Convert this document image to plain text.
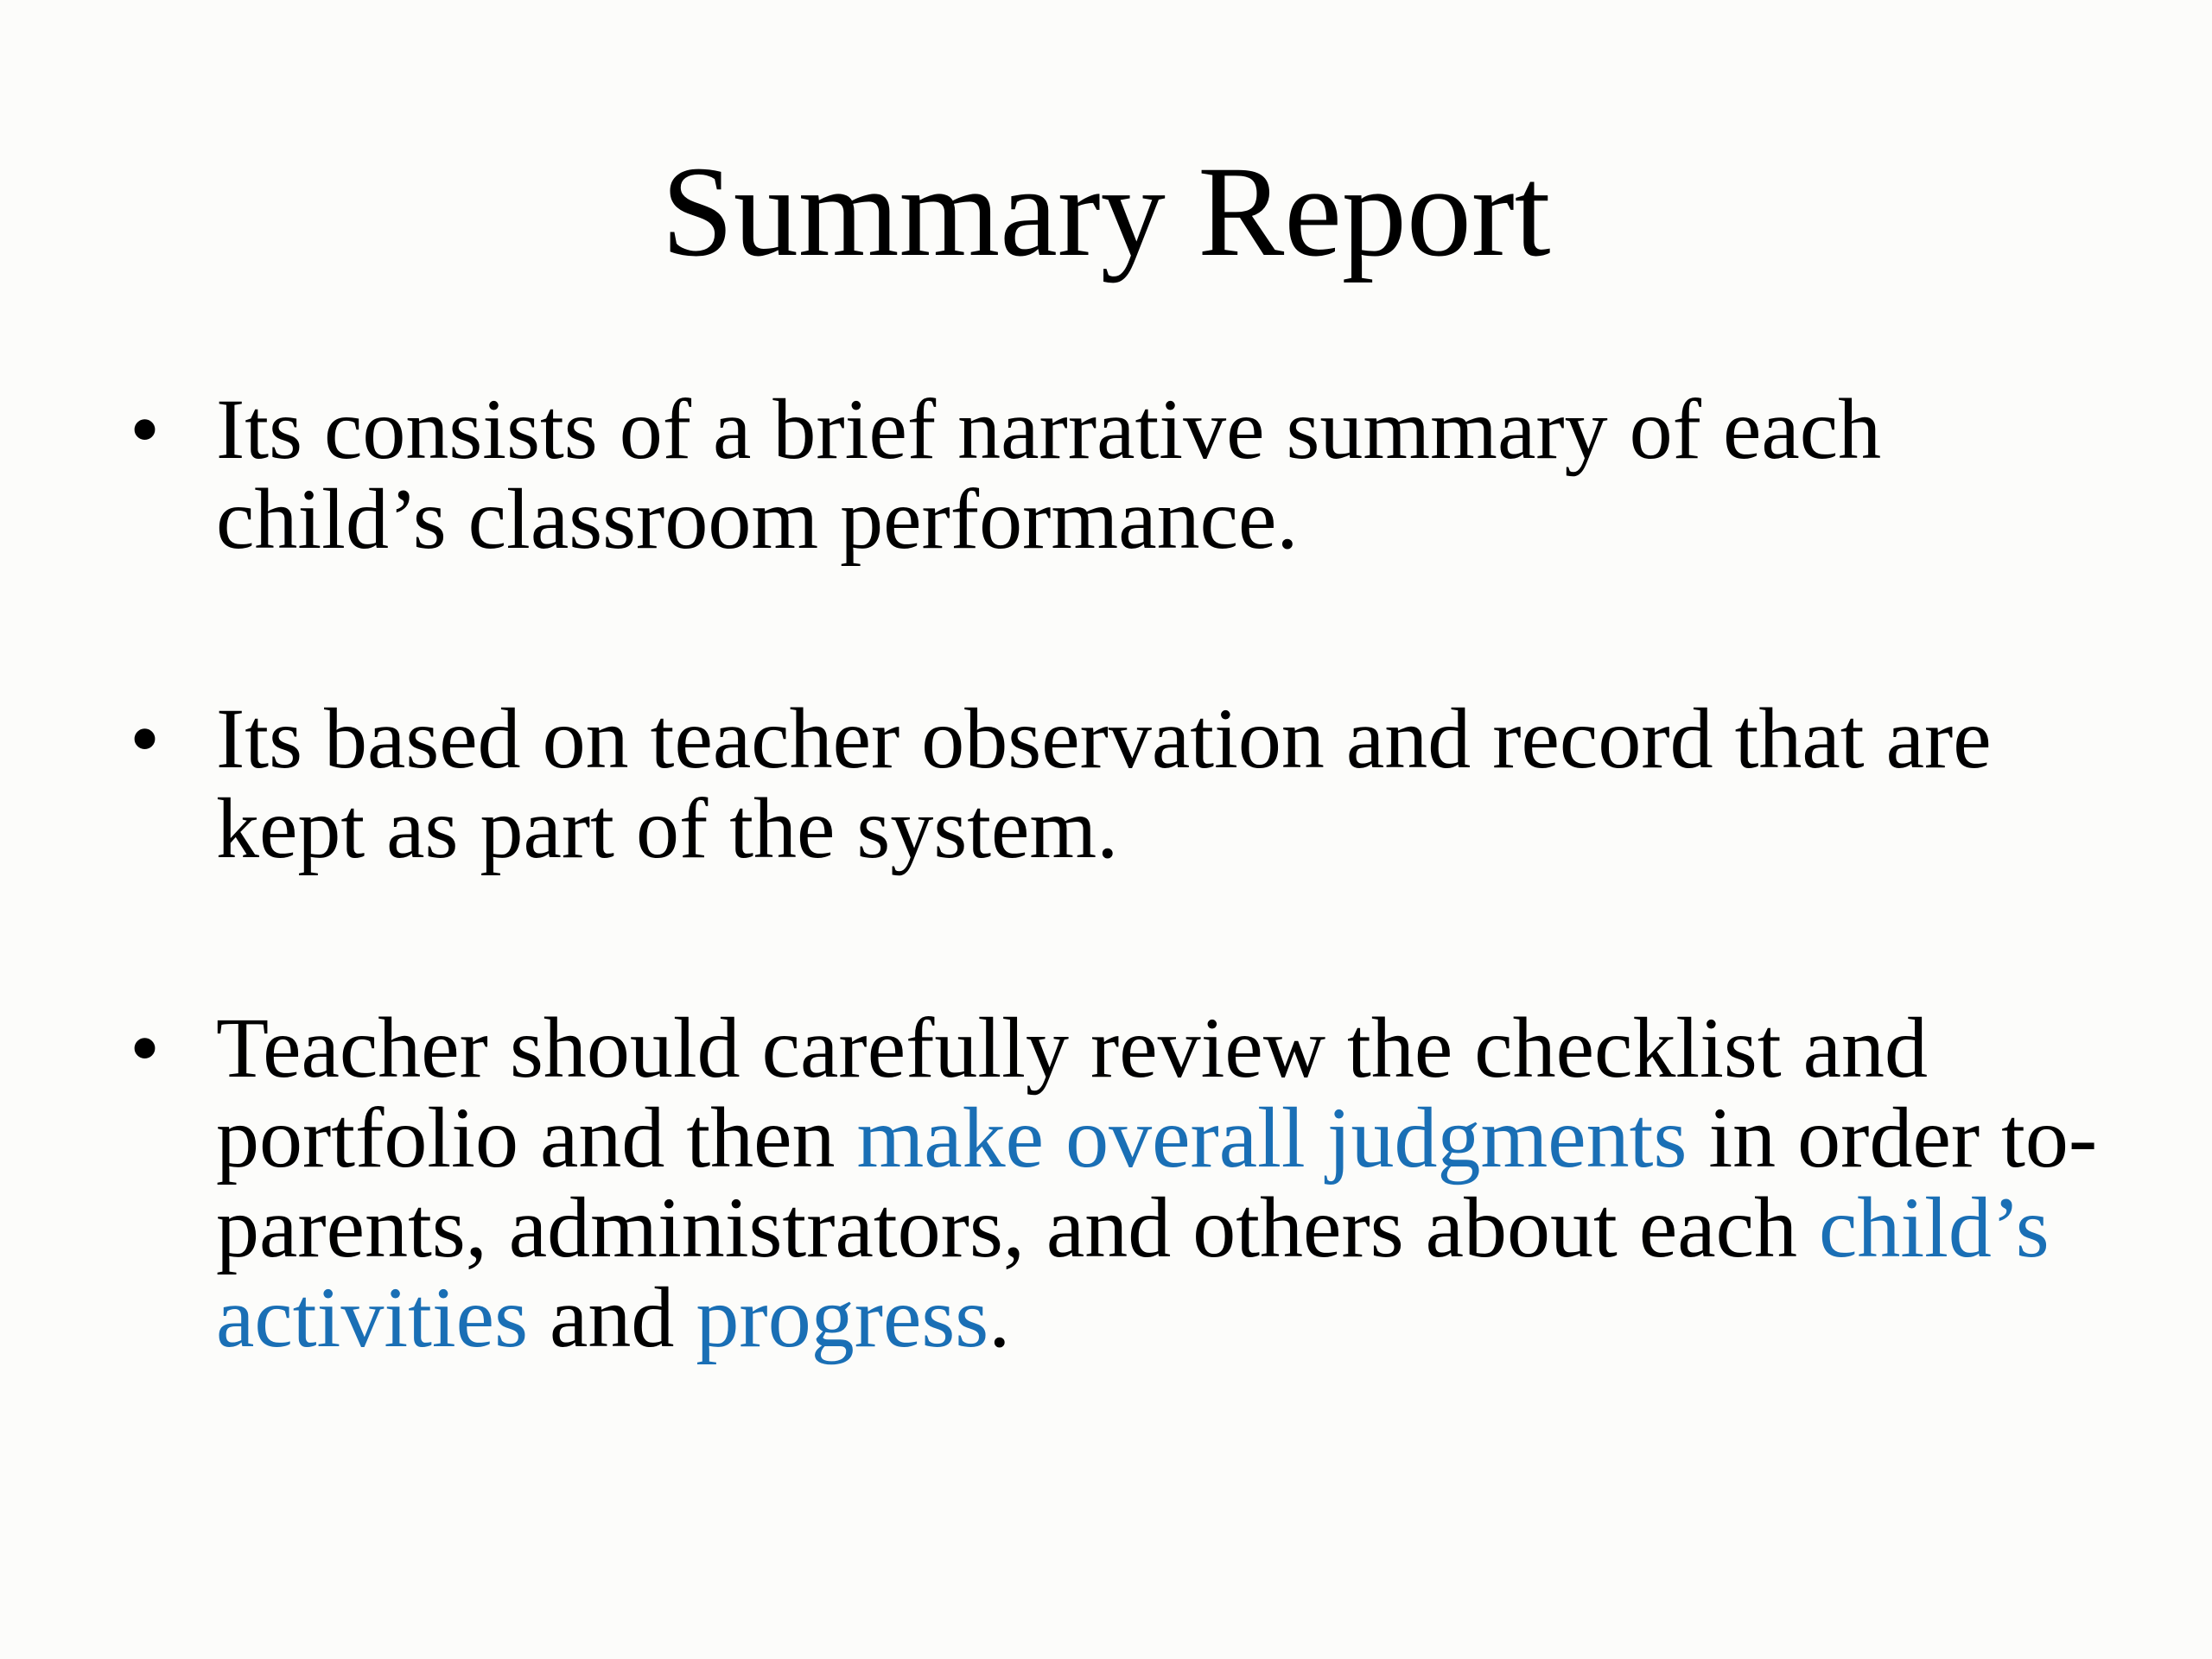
Summary Report
• Its consists of a brief narrative summary of each child’s classroom performance.
• Its based on teacher observation and record that are kept as part of the system.
• Teacher should carefully review the checklist and portfolio and then make overall judgments in order to- parents, administrators, and others about each child’s activities and progress.
